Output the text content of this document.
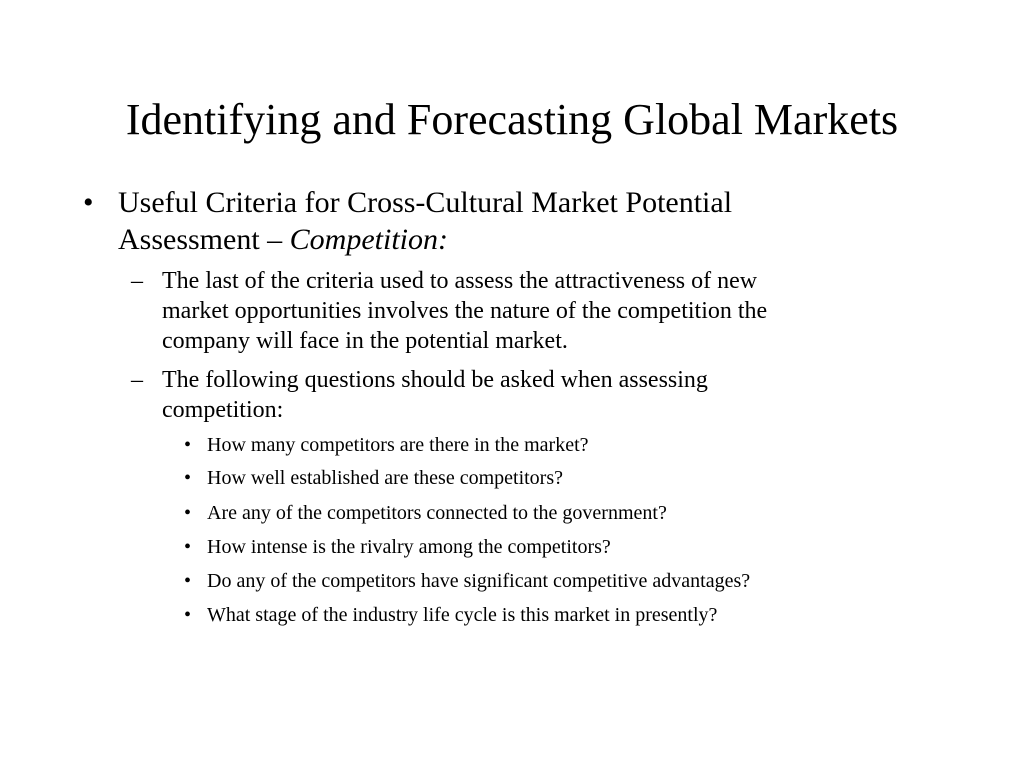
Identifying and Forecasting Global Markets
• Useful Criteria for Cross-Cultural Market Potential
Assessment – Competition:
– The last of the criteria used to assess the attractiveness of new
market opportunities involves the nature of the competition the
company will face in the potential market.
– The following questions should be asked when assessing
competition:
• How many competitors are there in the market?
• How well established are these competitors?
• Are any of the competitors connected to the government?
• How intense is the rivalry among the competitors?
• Do any of the competitors have significant competitive advantages?
• What stage of the industry life cycle is this market in presently?
